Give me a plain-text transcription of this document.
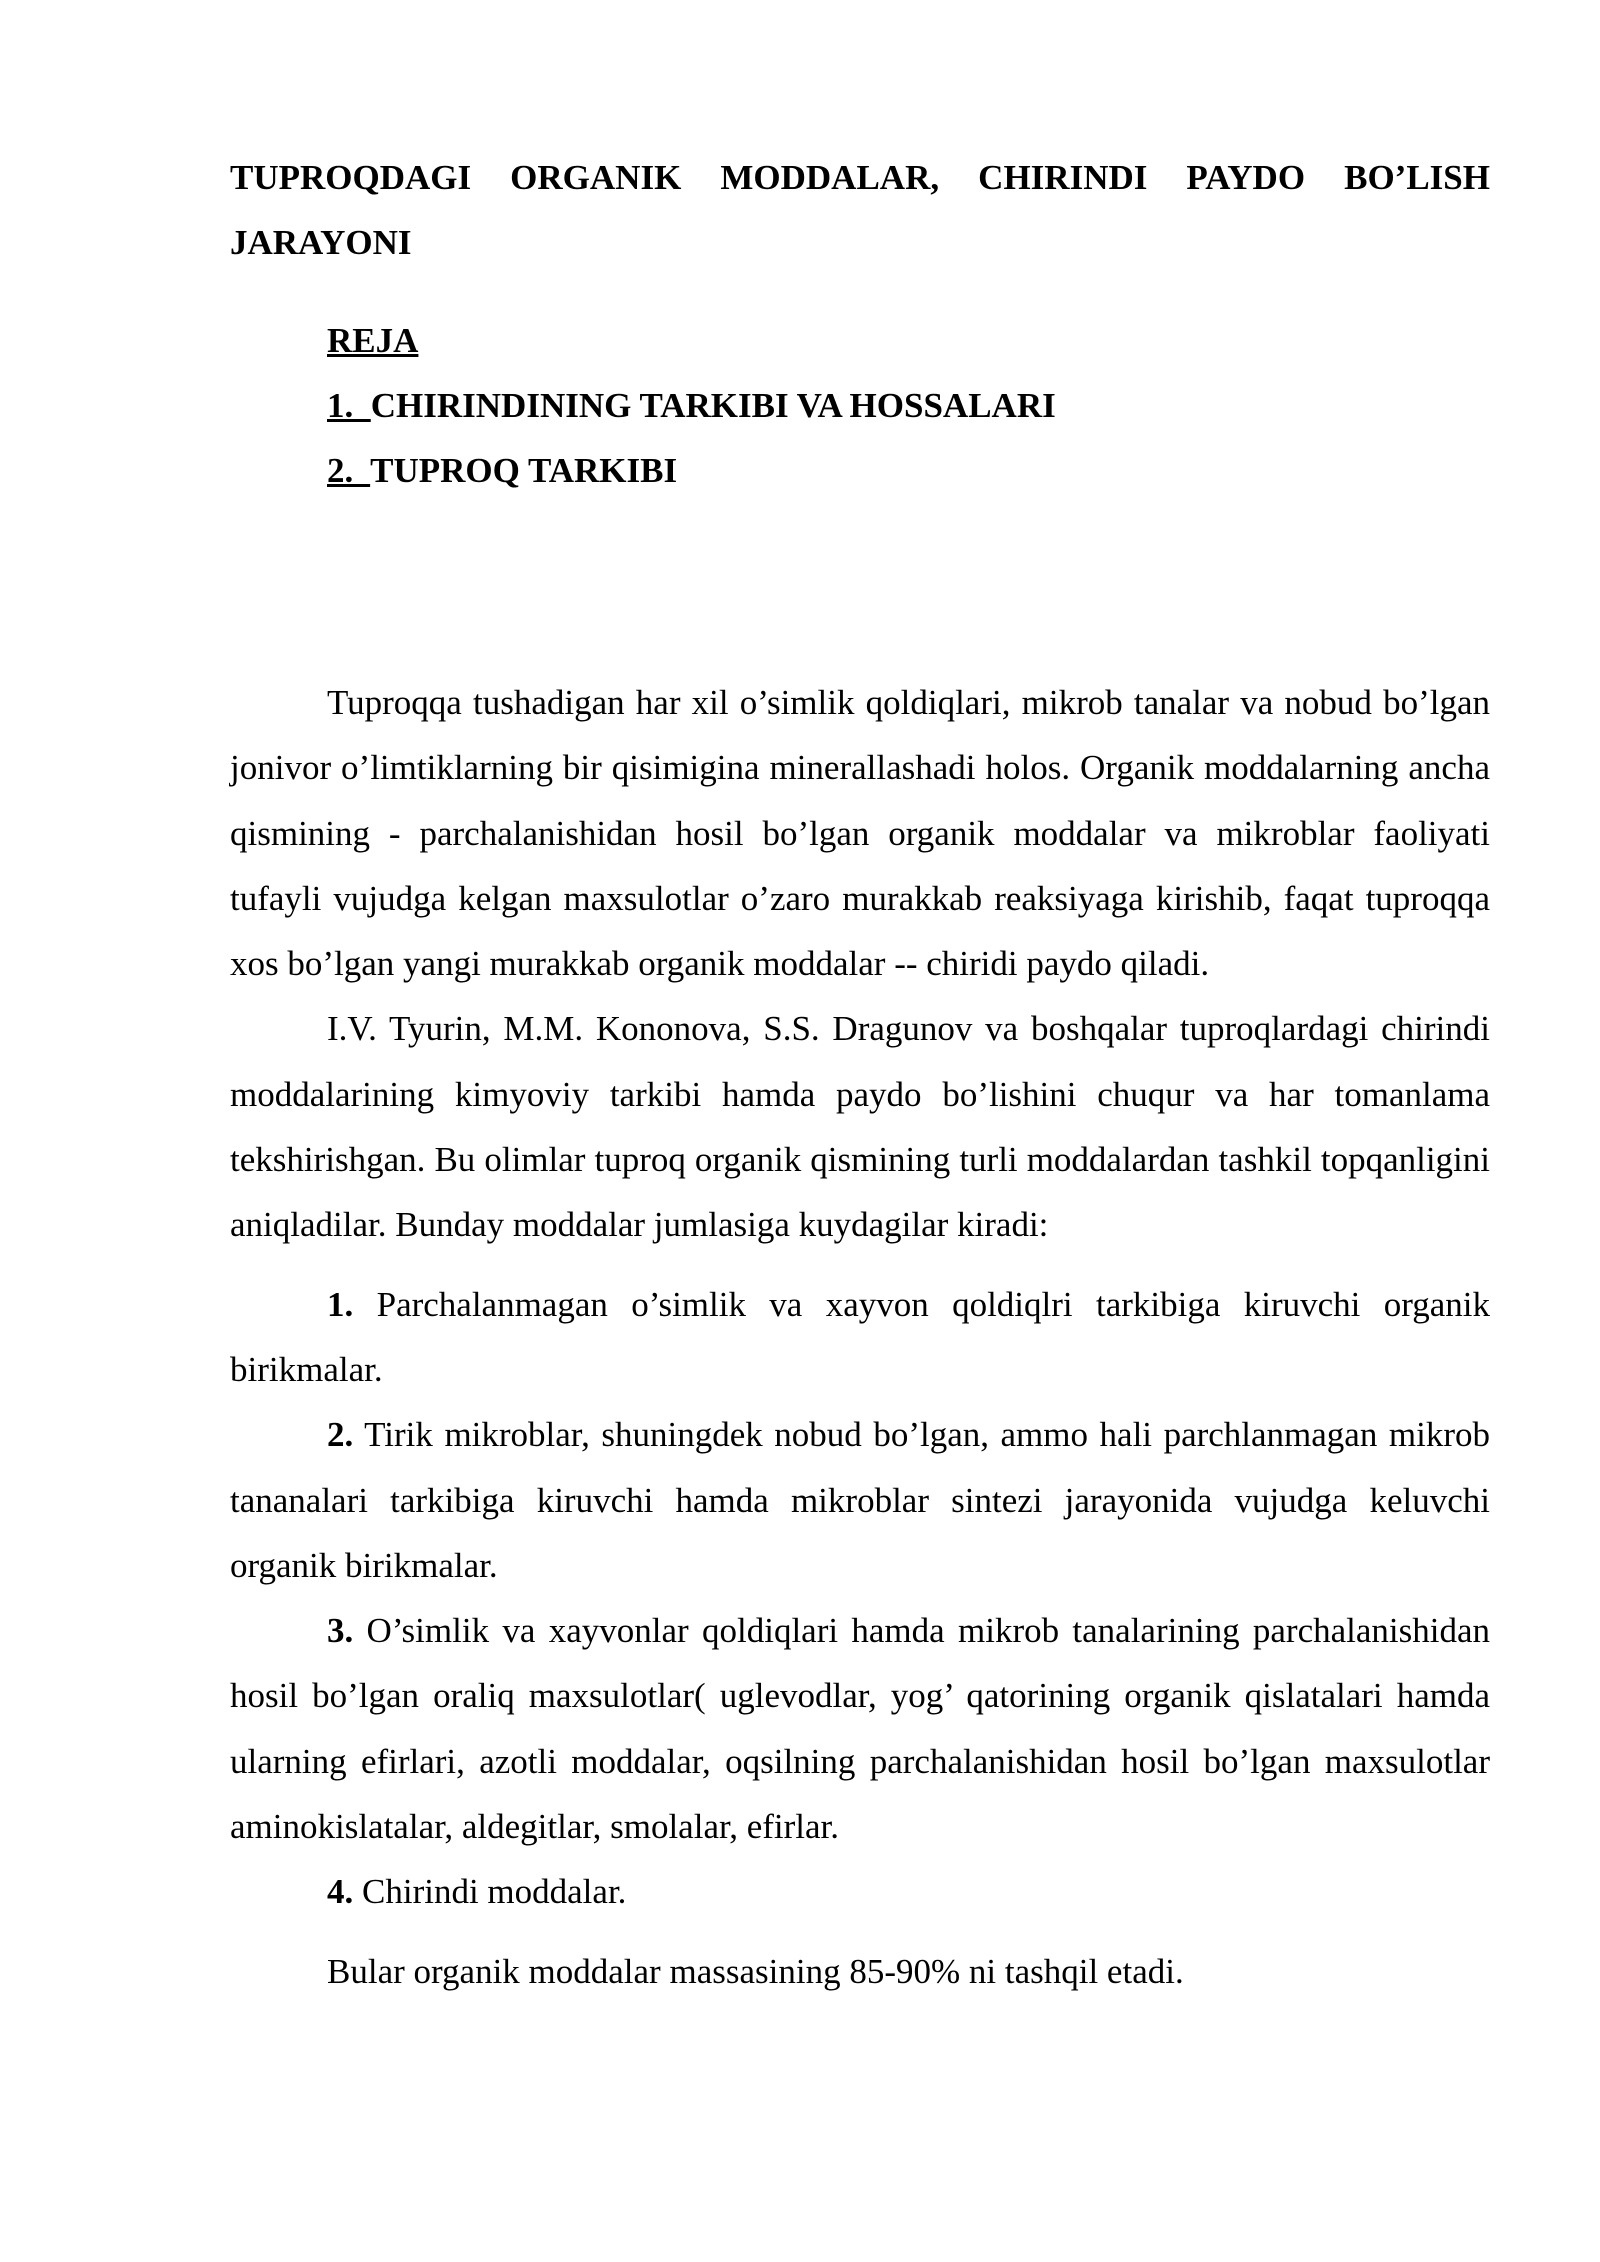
TUPROQDAGI ORGANIK MODDALAR, CHIRINDI PAYDO BO’LISH
JARAYONI
REJA
1.  CHIRINDINING TARKIBI VA HOSSALARI
2.  TUPROQ TARKIBI

Tuproqqa tushadigan har xil o’simlik qoldiqlari, mikrob tanalar va nobud bo’lgan jonivor o’limtiklarning bir qisimigina minerallashadi holos. Organik moddalarning ancha qismining - parchalanishidan hosil bo’lgan organik moddalar va mikroblar faoliyati tufayli vujudga kelgan maxsulotlar o’zaro murakkab reaksiyaga kirishib, faqat tuproqqa xos bo’lgan yangi murakkab organik moddalar -- chiridi paydo qiladi.

I.V. Tyurin, M.M. Kononova, S.S. Dragunov va boshqalar tuproqlardagi chirindi moddalarining kimyoviy tarkibi hamda paydo bo’lishini chuqur va har tomanlama tekshirishgan. Bu olimlar tuproq organik qismining turli moddalardan tashkil topqanligini aniqladilar. Bunday moddalar jumlasiga kuydagilar kiradi:

1. Parchalanmagan o’simlik va xayvon qoldiqlri tarkibiga kiruvchi organik birikmalar.

2. Tirik mikroblar, shuningdek nobud bo’lgan, ammo hali parchlanmagan mikrob tananalari tarkibiga kiruvchi hamda mikroblar sintezi jarayonida vujudga keluvchi organik birikmalar.

3. O’simlik va xayvonlar qoldiqlari hamda mikrob tanalarining parchalanishidan hosil bo’lgan oraliq maxsulotlar( uglevodlar, yog’ qatorining organik qislatalari hamda ularning efirlari, azotli moddalar, oqsilning parchalanishidan hosil bo’lgan maxsulotlar aminokislatalar, aldegitlar, smolalar, efirlar.

4. Chirindi moddalar.

Bular organik moddalar massasining 85-90% ni tashqil etadi.
